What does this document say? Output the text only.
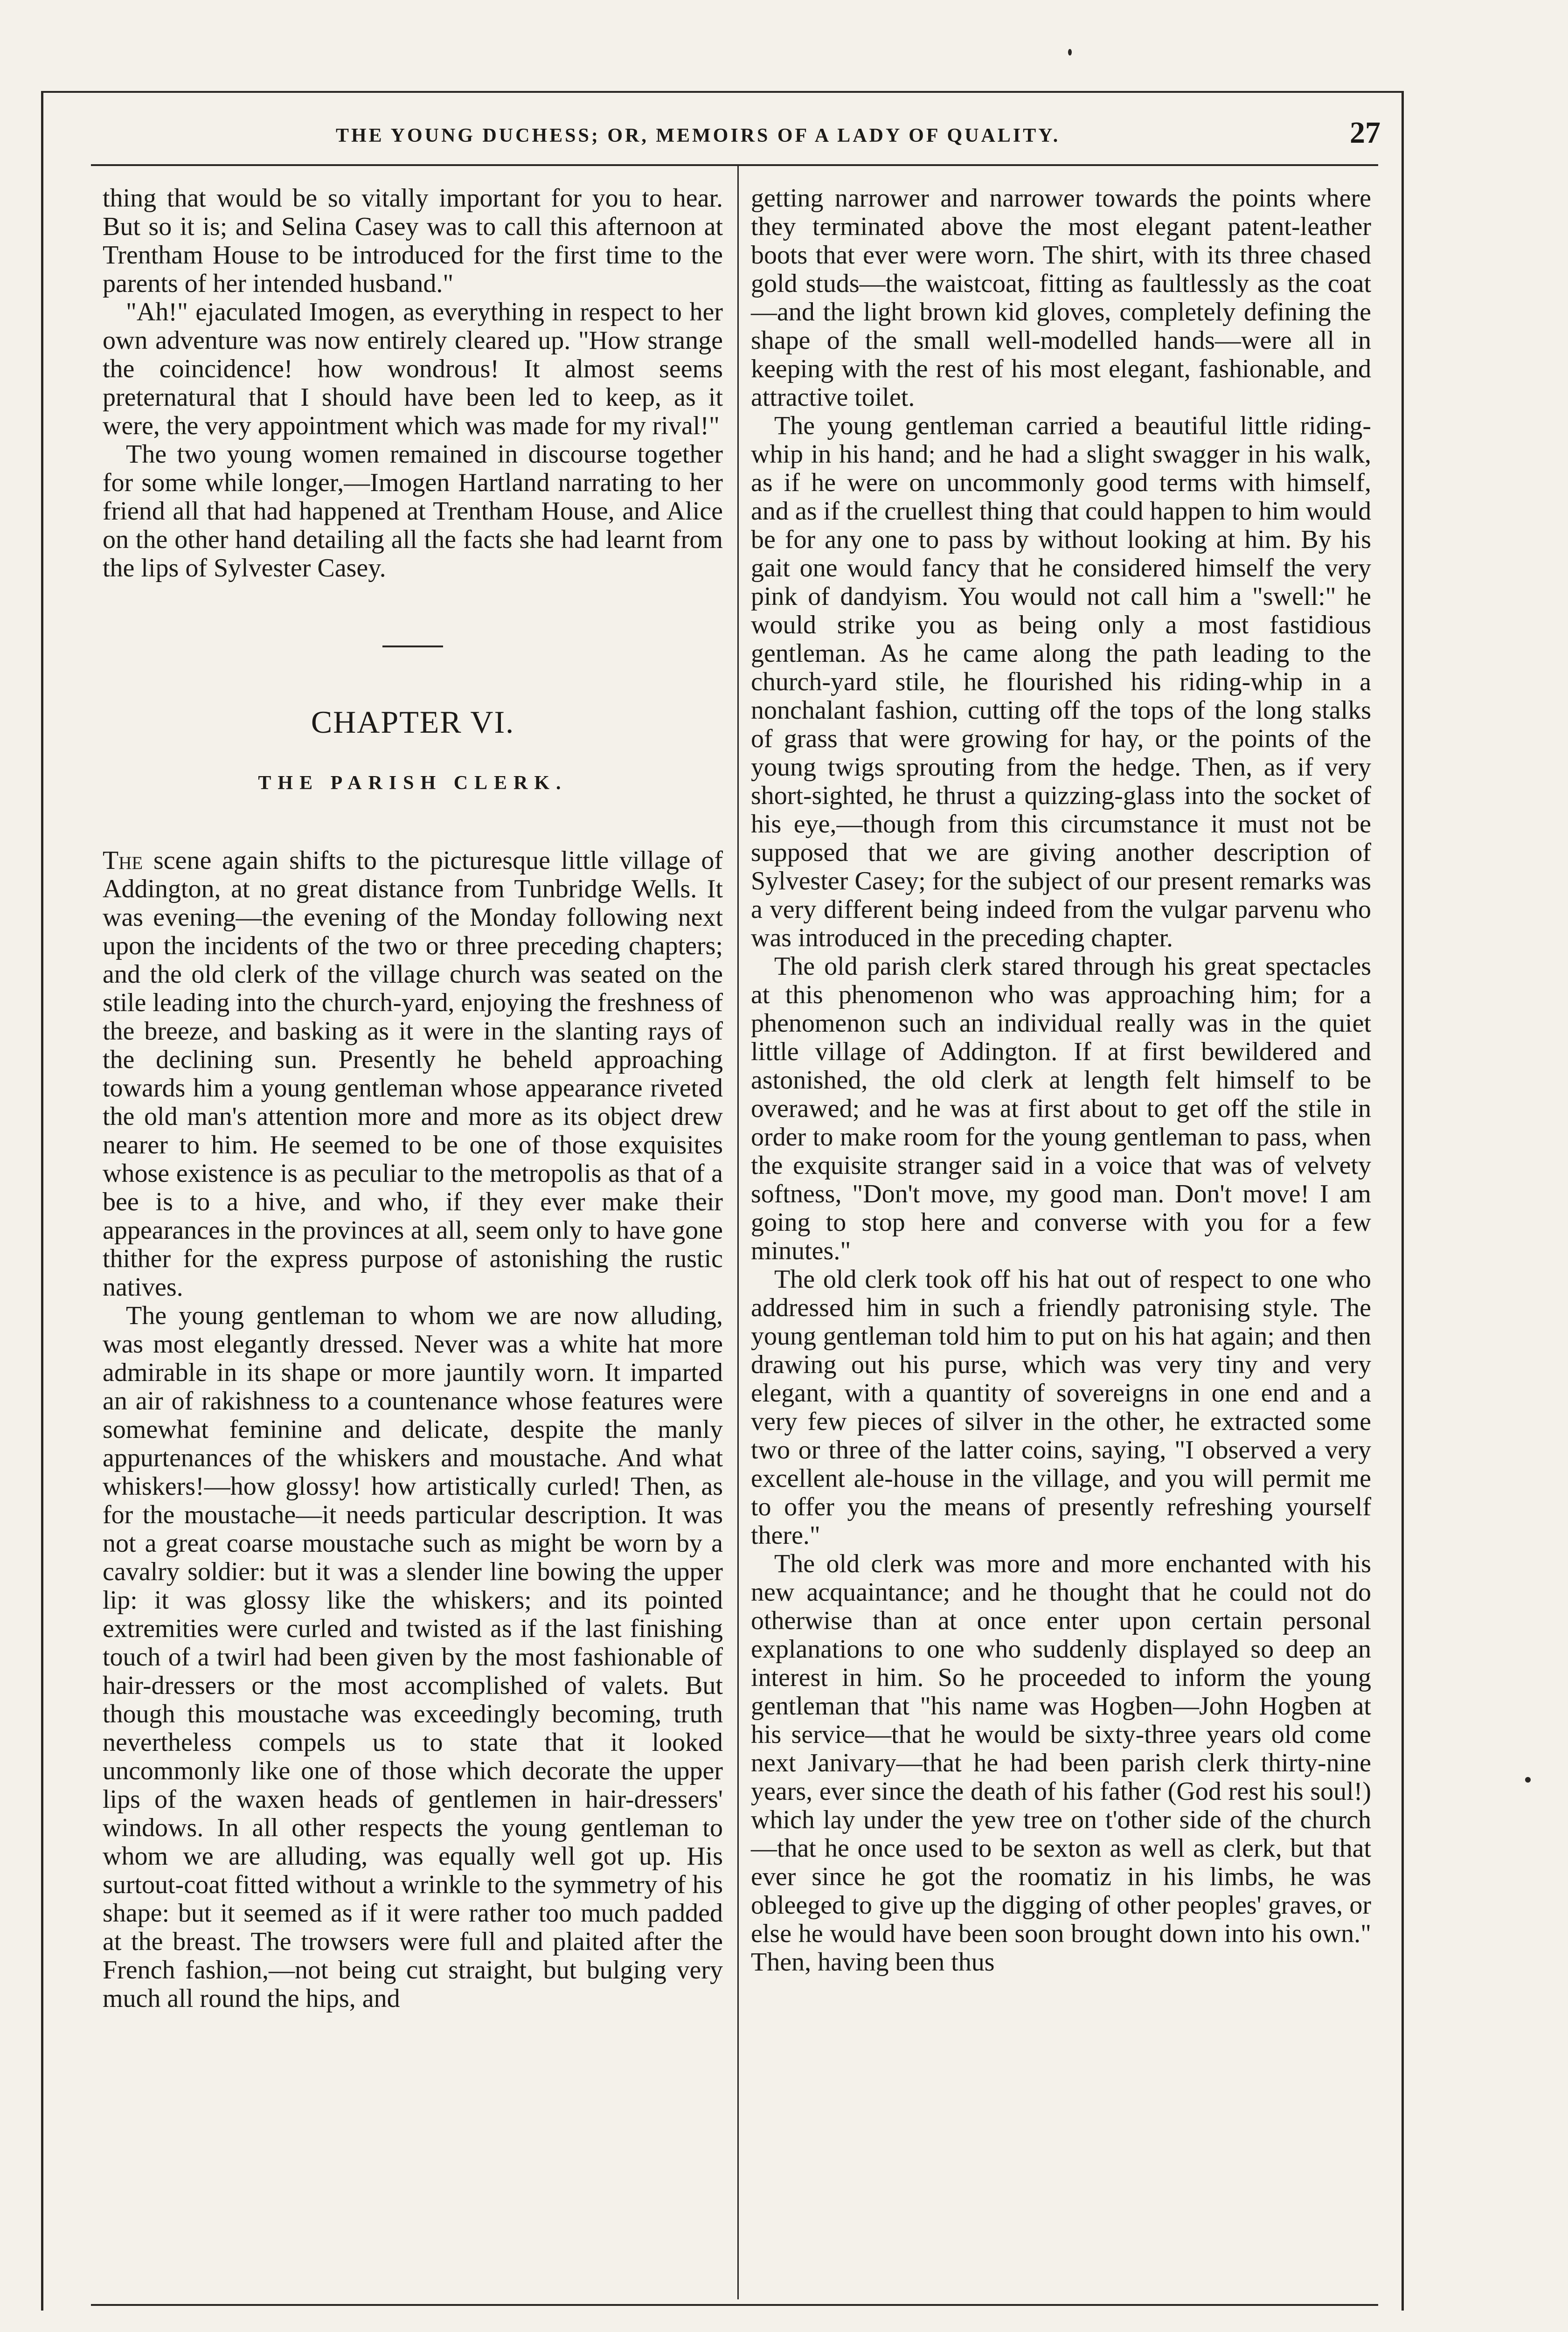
THE YOUNG DUCHESS; OR, MEMOIRS OF A LADY OF QUALITY.	27

thing that would be so vitally important for you to hear. But so it is; and Selina Casey was to call this afternoon at Trentham House to be introduced for the first time to the parents of her intended husband."

"Ah!" ejaculated Imogen, as everything in respect to her own adventure was now entirely cleared up. "How strange the coincidence! how wondrous! It almost seems preternatural that I should have been led to keep, as it were, the very appointment which was made for my rival!"

The two young women remained in discourse together for some while longer,—Imogen Hartland narrating to her friend all that had happened at Trentham House, and Alice on the other hand detailing all the facts she had learnt from the lips of Sylvester Casey.

CHAPTER VI.
THE PARISH CLERK.

The scene again shifts to the picturesque little village of Addington, at no great distance from Tunbridge Wells. It was evening—the evening of the Monday following next upon the incidents of the two or three preceding chapters; and the old clerk of the village church was seated on the stile leading into the church-yard, enjoying the freshness of the breeze, and basking as it were in the slanting rays of the declining sun. Presently he beheld approaching towards him a young gentleman whose appearance riveted the old man's attention more and more as its object drew nearer to him. He seemed to be one of those exquisites whose existence is as peculiar to the metropolis as that of a bee is to a hive, and who, if they ever make their appearances in the provinces at all, seem only to have gone thither for the express purpose of astonishing the rustic natives.

The young gentleman to whom we are now alluding, was most elegantly dressed. Never was a white hat more admirable in its shape or more jauntily worn. It imparted an air of rakishness to a countenance whose features were somewhat feminine and delicate, despite the manly appurtenances of the whiskers and moustache. And what whiskers!—how glossy! how artistically curled! Then, as for the moustache—it needs particular description. It was not a great coarse moustache such as might be worn by a cavalry soldier: but it was a slender line bowing the upper lip: it was glossy like the whiskers; and its pointed extremities were curled and twisted as if the last finishing touch of a twirl had been given by the most fashionable of hair-dressers or the most accomplished of valets. But though this moustache was exceedingly becoming, truth nevertheless compels us to state that it looked uncommonly like one of those which decorate the upper lips of the waxen heads of gentlemen in hair-dressers' windows. In all other respects the young gentleman to whom we are alluding, was equally well got up. His surtout-coat fitted without a wrinkle to the symmetry of his shape: but it seemed as if it were rather too much padded at the breast. The trowsers were full and plaited after the French fashion,—not being cut straight, but bulging very much all round the hips, and

getting narrower and narrower towards the points where they terminated above the most elegant patent-leather boots that ever were worn. The shirt, with its three chased gold studs—the waistcoat, fitting as faultlessly as the coat—and the light brown kid gloves, completely defining the shape of the small well-modelled hands—were all in keeping with the rest of his most elegant, fashionable, and attractive toilet.

The young gentleman carried a beautiful little riding-whip in his hand; and he had a slight swagger in his walk, as if he were on uncommonly good terms with himself, and as if the cruellest thing that could happen to him would be for any one to pass by without looking at him. By his gait one would fancy that he considered himself the very pink of dandyism. You would not call him a "swell:" he would strike you as being only a most fastidious gentleman. As he came along the path leading to the church-yard stile, he flourished his riding-whip in a nonchalant fashion, cutting off the tops of the long stalks of grass that were growing for hay, or the points of the young twigs sprouting from the hedge. Then, as if very short-sighted, he thrust a quizzing-glass into the socket of his eye,—though from this circumstance it must not be supposed that we are giving another description of Sylvester Casey; for the subject of our present remarks was a very different being indeed from the vulgar parvenu who was introduced in the preceding chapter.

The old parish clerk stared through his great spectacles at this phenomenon who was approaching him; for a phenomenon such an individual really was in the quiet little village of Addington. If at first bewildered and astonished, the old clerk at length felt himself to be overawed; and he was at first about to get off the stile in order to make room for the young gentleman to pass, when the exquisite stranger said in a voice that was of velvety softness, "Don't move, my good man. Don't move! I am going to stop here and converse with you for a few minutes."

The old clerk took off his hat out of respect to one who addressed him in such a friendly patronising style. The young gentleman told him to put on his hat again; and then drawing out his purse, which was very tiny and very elegant, with a quantity of sovereigns in one end and a very few pieces of silver in the other, he extracted some two or three of the latter coins, saying, "I observed a very excellent ale-house in the village, and you will permit me to offer you the means of presently refreshing yourself there."

The old clerk was more and more enchanted with his new acquaintance; and he thought that he could not do otherwise than at once enter upon certain personal explanations to one who suddenly displayed so deep an interest in him. So he proceeded to inform the young gentleman that "his name was Hogben—John Hogben at his service—that he would be sixty-three years old come next Janivary—that he had been parish clerk thirty-nine years, ever since the death of his father (God rest his soul!) which lay under the yew tree on t'other side of the church—that he once used to be sexton as well as clerk, but that ever since he got the roomatiz in his limbs, he was obleeged to give up the digging of other peoples' graves, or else he would have been soon brought down into his own." Then, having been thus
